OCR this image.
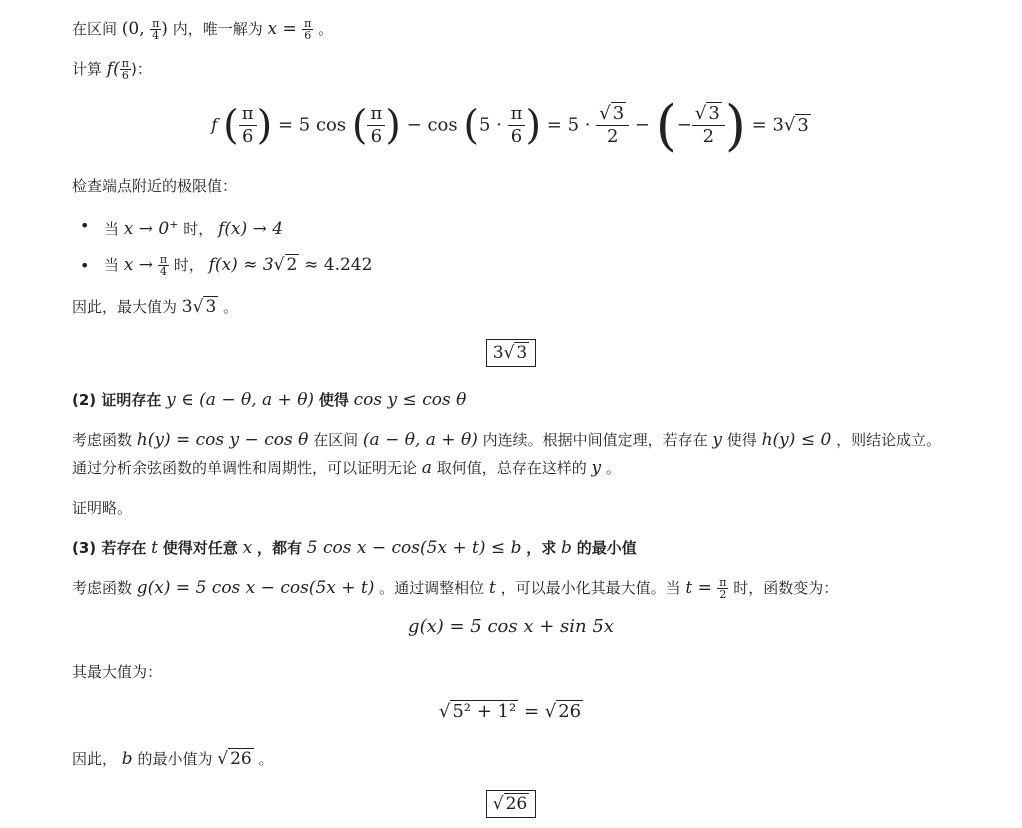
在区间 (0, $\frac{\pi}{4}$ ) 内，唯一解为 $x = \frac{\pi}{6}$ 。
计算 $f( \frac{\pi}{6}$ )：
f ( $\frac{\pi}{6}$ ) = 5 cos ( $\frac{\pi}{6}$ ) − $\cos (5 \cdot \frac{\pi}{6}$ ) = $5 \cdot \frac{√ 3}{2}$ − (− $\frac{√ 3}{2}$ ) = 3√ 3
检查端点附近的极限值：
• 当 x → 0+ 时， f(x) → 4
• 当 $x \to \frac{\pi}{4}$ 时， f(x) ≈ 3√ 2 ≈ 4.242
因此，最大值为 3√ 3 。
3√ 3
(2) 证明存在 y ∈ (a − θ, a + θ) 使得 cos y ≤ cos θ
考虑函数 h(y) = cos y − cos θ 在区间 (a − θ, a + θ) 内连续。根据中间值定理，若存在 y 使得 h(y) ≤ 0 ，则结论成立。
通过分析余弦函数的单调性和周期性，可以证明无论 a 取何值，总存在这样的 y 。
证明略。
(3) 若存在 t 使得对任意 x ，都有 5 cos x − cos(5x + t) ≤ b ，求 b 的最小值
考虑函数 g(x) = 5 cos x − cos(5x + t) 。通过调整相位 t ，可以最小化其最大值。当 $t = \frac{\pi}{2}$ 时，函数变为：
g(x) = 5 cos x + sin 5x
其最大值为：
√ 5² + 1² = √ 26
因此， b 的最小值为 √ 26 。
√ 26
